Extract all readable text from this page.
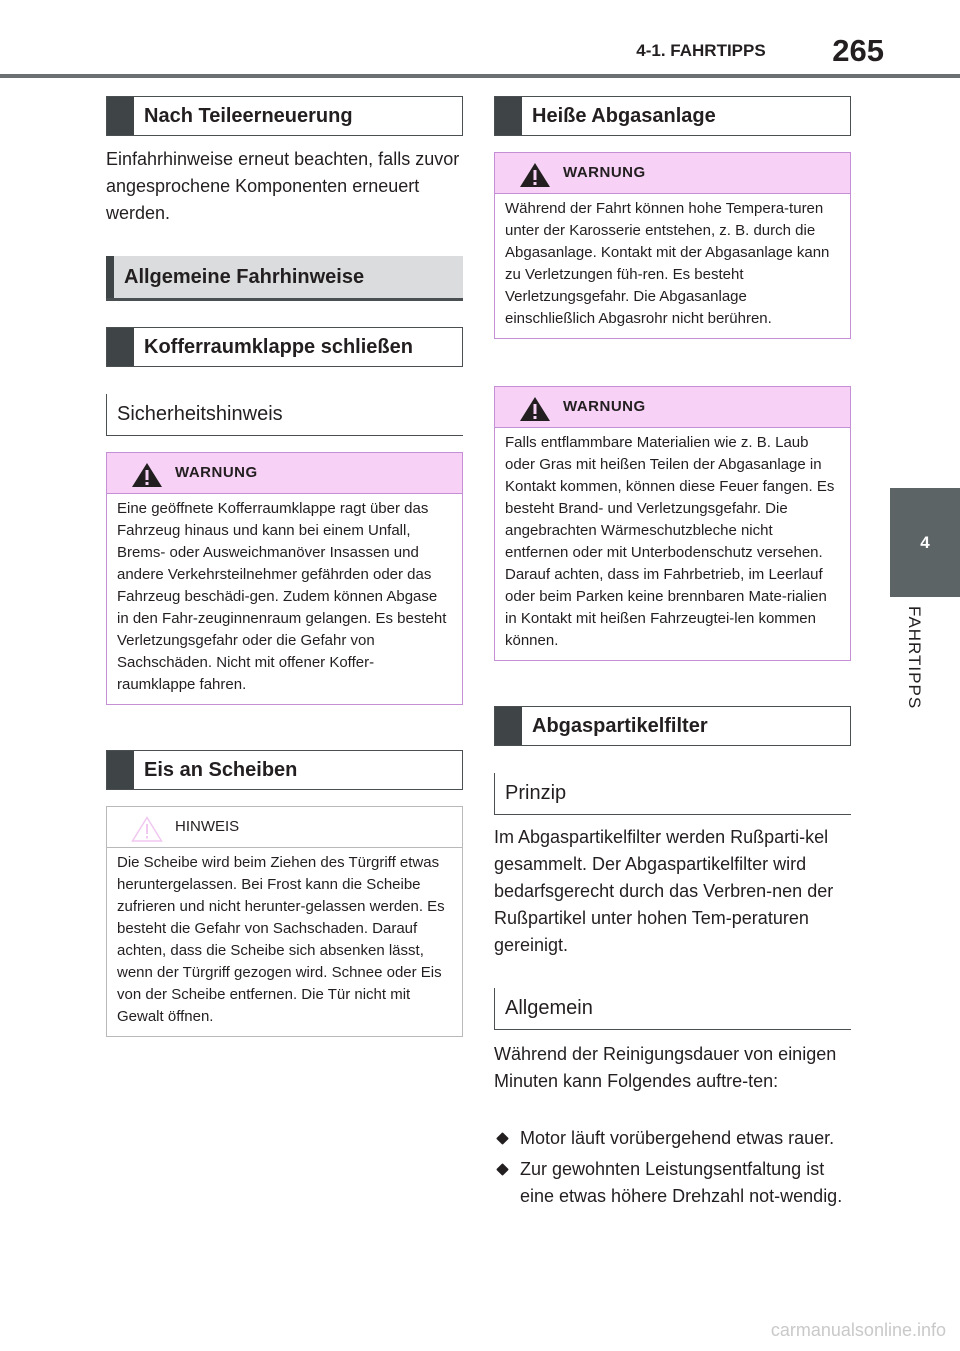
4-1. FAHRTIPPS	265
4
FAHRTIPPS
Nach Teileerneuerung
Einfahrhinweise erneut beachten, falls zuvor angesprochene Komponenten erneuert werden.
Allgemeine Fahrhinweise
Kofferraumklappe schließen
Sicherheitshinweis
WARNUNG
Eine geöffnete Kofferraumklappe ragt über das Fahrzeug hinaus und kann bei einem Unfall, Brems- oder Ausweichmanöver Insassen und andere Verkehrsteilnehmer gefährden oder das Fahrzeug beschädi-gen. Zudem können Abgase in den Fahr-zeuginnenraum gelangen. Es besteht Verletzungsgefahr oder die Gefahr von Sachschäden. Nicht mit offener Koffer-raumklappe fahren.
Eis an Scheiben
HINWEIS
Die Scheibe wird beim Ziehen des Türgriff etwas heruntergelassen. Bei Frost kann die Scheibe zufrieren und nicht herunter-gelassen werden. Es besteht die Gefahr von Sachschaden. Darauf achten, dass die Scheibe sich absenken lässt, wenn der Türgriff gezogen wird. Schnee oder Eis von der Scheibe entfernen. Die Tür nicht mit Gewalt öffnen.
Heiße Abgasanlage
WARNUNG
Während der Fahrt können hohe Tempera-turen unter der Karosserie entstehen, z. B. durch die Abgasanlage. Kontakt mit der Abgasanlage kann zu Verletzungen füh-ren. Es besteht Verletzungsgefahr. Die Abgasanlage einschließlich Abgasrohr nicht berühren.
WARNUNG
Falls entflammbare Materialien wie z. B. Laub oder Gras mit heißen Teilen der Abgasanlage in Kontakt kommen, können diese Feuer fangen. Es besteht Brand- und Verletzungsgefahr. Die angebrachten Wärmeschutzbleche nicht entfernen oder mit Unterbodenschutz versehen. Darauf achten, dass im Fahrbetrieb, im Leerlauf oder beim Parken keine brennbaren Mate-rialien in Kontakt mit heißen Fahrzeugtei-len kommen können.
Abgaspartikelfilter
Prinzip
Im Abgaspartikelfilter werden Rußparti-kel gesammelt. Der Abgaspartikelfilter wird bedarfsgerecht durch das Verbren-nen der Rußpartikel unter hohen Tem-peraturen gereinigt.
Allgemein
Während der Reinigungsdauer von einigen Minuten kann Folgendes auftre-ten:
Motor läuft vorübergehend etwas rauer.
Zur gewohnten Leistungsentfaltung ist eine etwas höhere Drehzahl not-wendig.
carmanualsonline.info
